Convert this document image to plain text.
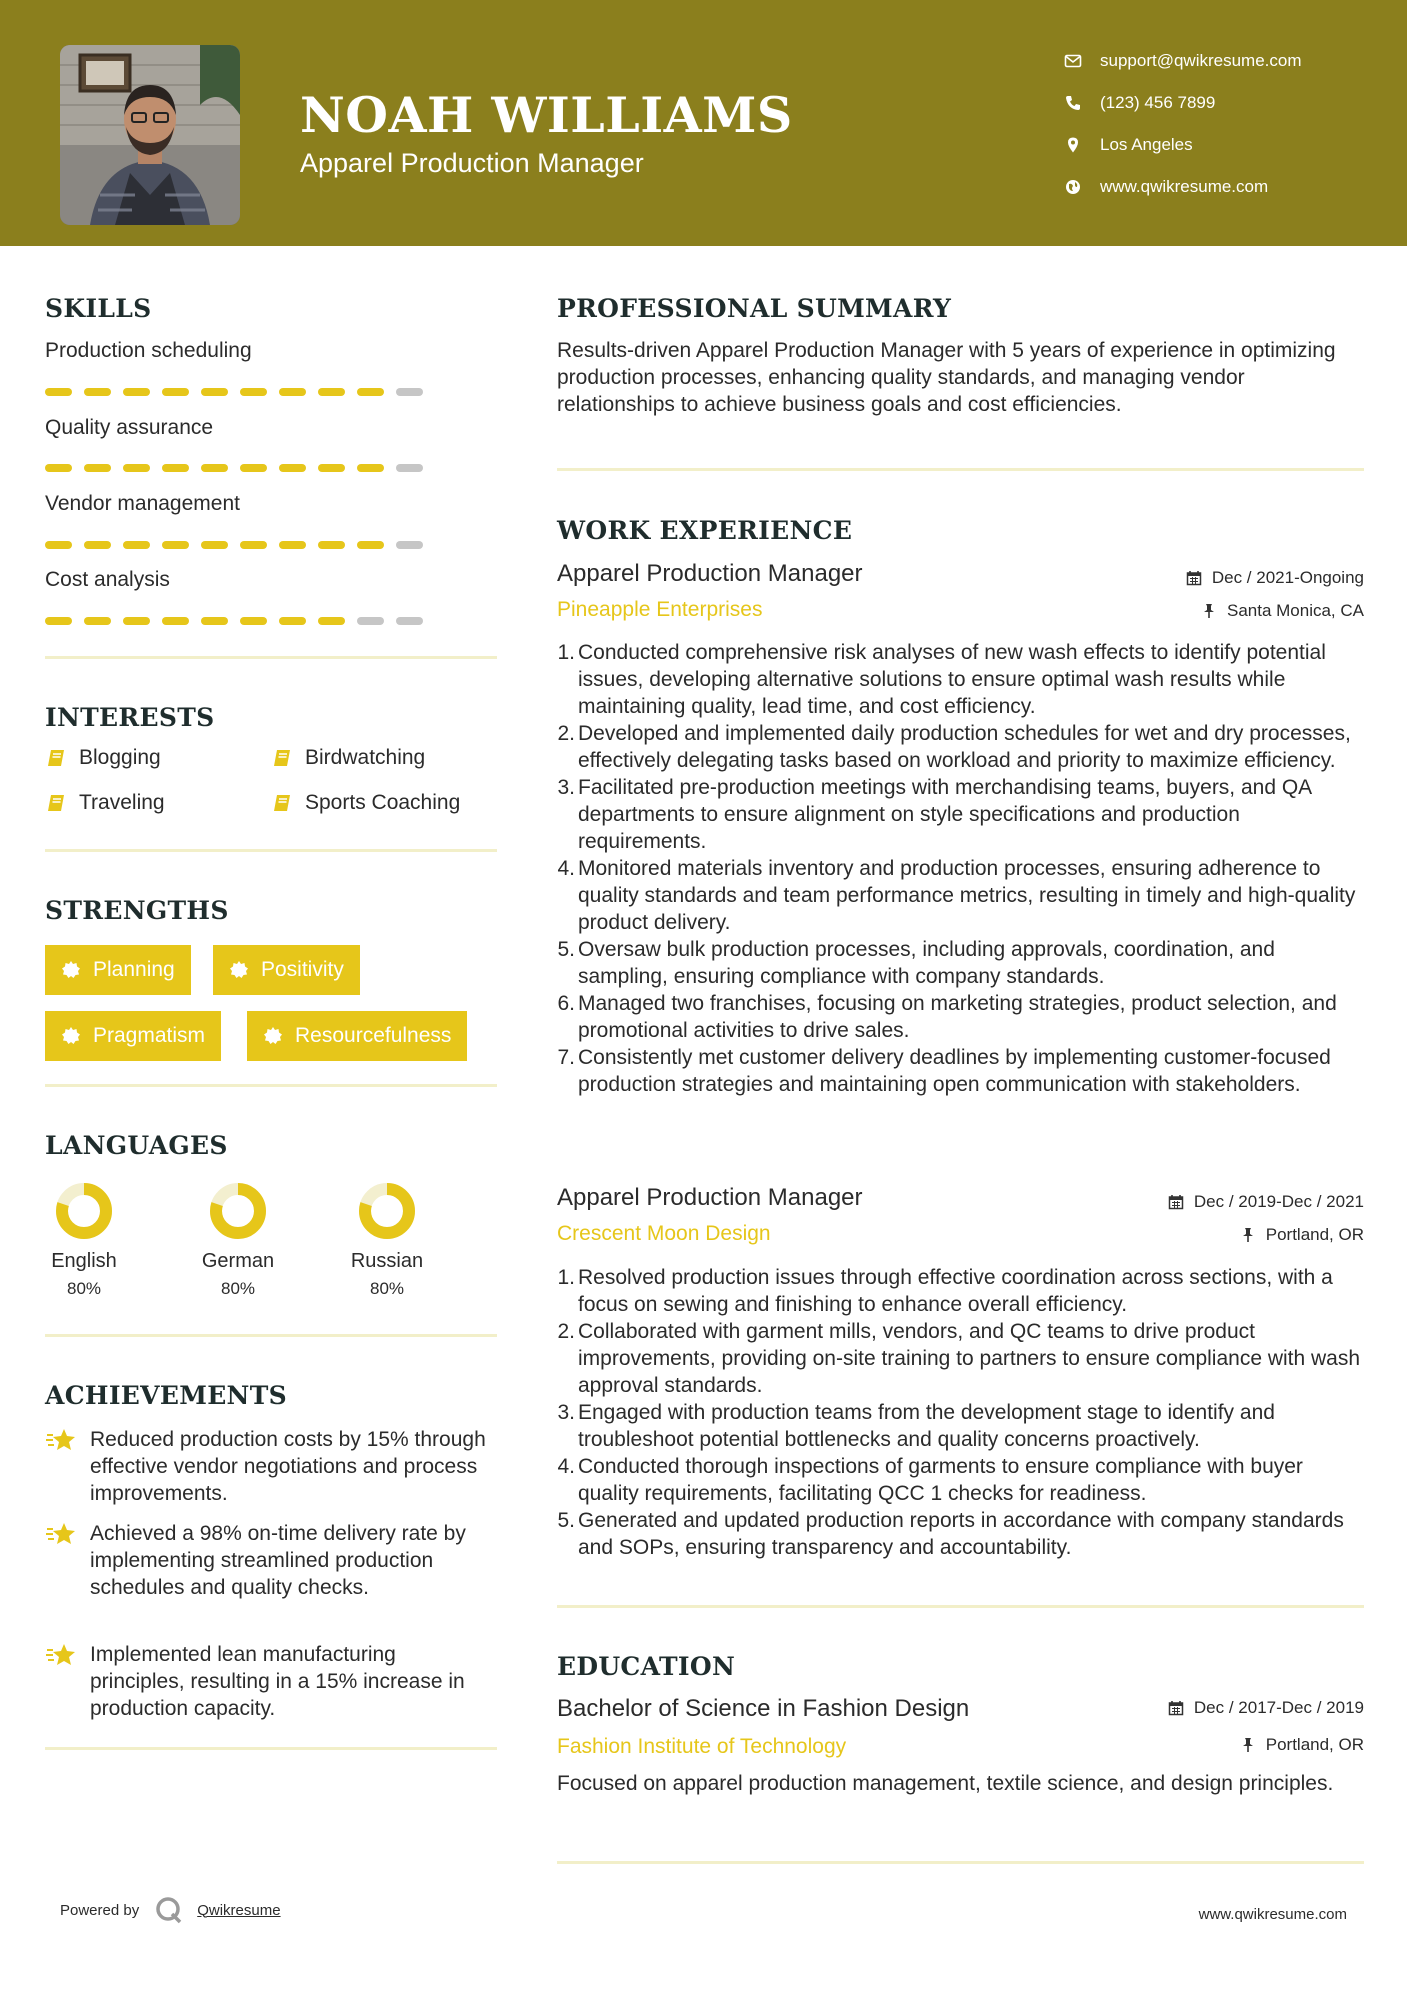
NOAH WILLIAMS
Apparel Production Manager
support@qwikresume.com
(123) 456 7899
Los Angeles
www.qwikresume.com
SKILLS
Production scheduling
Quality assurance
Vendor management
Cost analysis
INTERESTS
Blogging	Birdwatching
Traveling	Sports Coaching
STRENGTHS
Planning	Positivity
Pragmatism	Resourcefulness
LANGUAGES
English
80%
German
80%
Russian
80%
ACHIEVEMENTS
Reduced production costs by 15% through effective vendor negotiations and process improvements.
Achieved a 98% on-time delivery rate by implementing streamlined production schedules and quality checks.
Implemented lean manufacturing principles, resulting in a 15% increase in production capacity.
PROFESSIONAL SUMMARY
Results-driven Apparel Production Manager with 5 years of experience in optimizing production processes, enhancing quality standards, and managing vendor relationships to achieve business goals and cost efficiencies.
WORK EXPERIENCE
Apparel Production Manager
Pineapple Enterprises
Dec / 2021-Ongoing
Santa Monica, CA
1. Conducted comprehensive risk analyses of new wash effects to identify potential issues, developing alternative solutions to ensure optimal wash results while maintaining quality, lead time, and cost efficiency.
2. Developed and implemented daily production schedules for wet and dry processes, effectively delegating tasks based on workload and priority to maximize efficiency.
3. Facilitated pre-production meetings with merchandising teams, buyers, and QA departments to ensure alignment on style specifications and production requirements.
4. Monitored materials inventory and production processes, ensuring adherence to quality standards and team performance metrics, resulting in timely and high-quality product delivery.
5. Oversaw bulk production processes, including approvals, coordination, and sampling, ensuring compliance with company standards.
6. Managed two franchises, focusing on marketing strategies, product selection, and promotional activities to drive sales.
7. Consistently met customer delivery deadlines by implementing customer-focused production strategies and maintaining open communication with stakeholders.
Apparel Production Manager
Crescent Moon Design
Dec / 2019-Dec / 2021
Portland, OR
1. Resolved production issues through effective coordination across sections, with a focus on sewing and finishing to enhance overall efficiency.
2. Collaborated with garment mills, vendors, and QC teams to drive product improvements, providing on-site training to partners to ensure compliance with wash approval standards.
3. Engaged with production teams from the development stage to identify and troubleshoot potential bottlenecks and quality concerns proactively.
4. Conducted thorough inspections of garments to ensure compliance with buyer quality requirements, facilitating QCC 1 checks for readiness.
5. Generated and updated production reports in accordance with company standards and SOPs, ensuring transparency and accountability.
EDUCATION
Bachelor of Science in Fashion Design
Fashion Institute of Technology
Dec / 2017-Dec / 2019
Portland, OR
Focused on apparel production management, textile science, and design principles.
Powered by	Qwikresume	www.qwikresume.com
